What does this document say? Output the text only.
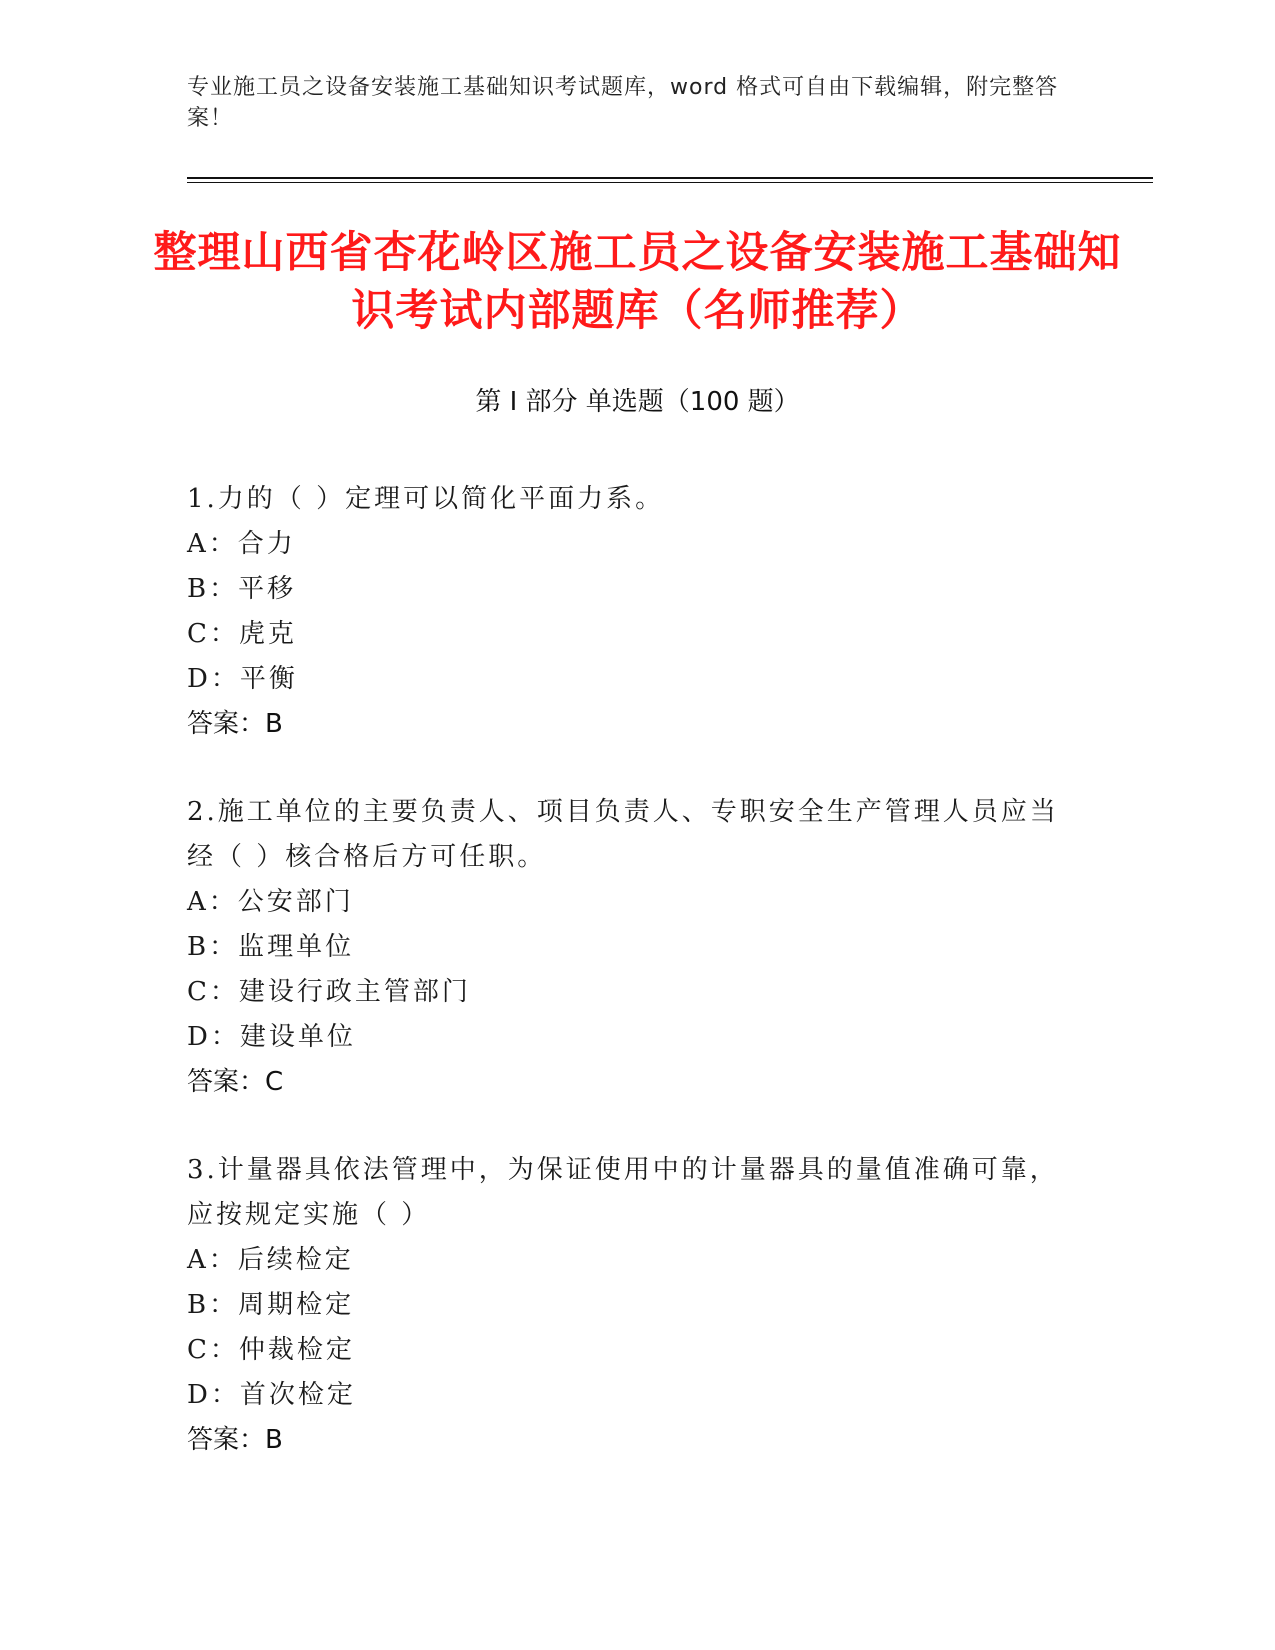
专业施工员之设备安装施工基础知识考试题库，word 格式可自由下载编辑，附完整答案！
整理山西省杏花岭区施工员之设备安装施工基础知识考试内部题库（名师推荐）
第 I 部分 单选题（100 题）
1.力的（ ）定理可以简化平面力系。
A：合力
B：平移
C：虎克
D：平衡
答案：B
2.施工单位的主要负责人、项目负责人、专职安全生产管理人员应当经（ ）核合格后方可任职。
A：公安部门
B：监理单位
C：建设行政主管部门
D：建设单位
答案：C
3.计量器具依法管理中，为保证使用中的计量器具的量值准确可靠，应按规定实施（ ）
A：后续检定
B：周期检定
C：仲裁检定
D：首次检定
答案：B
